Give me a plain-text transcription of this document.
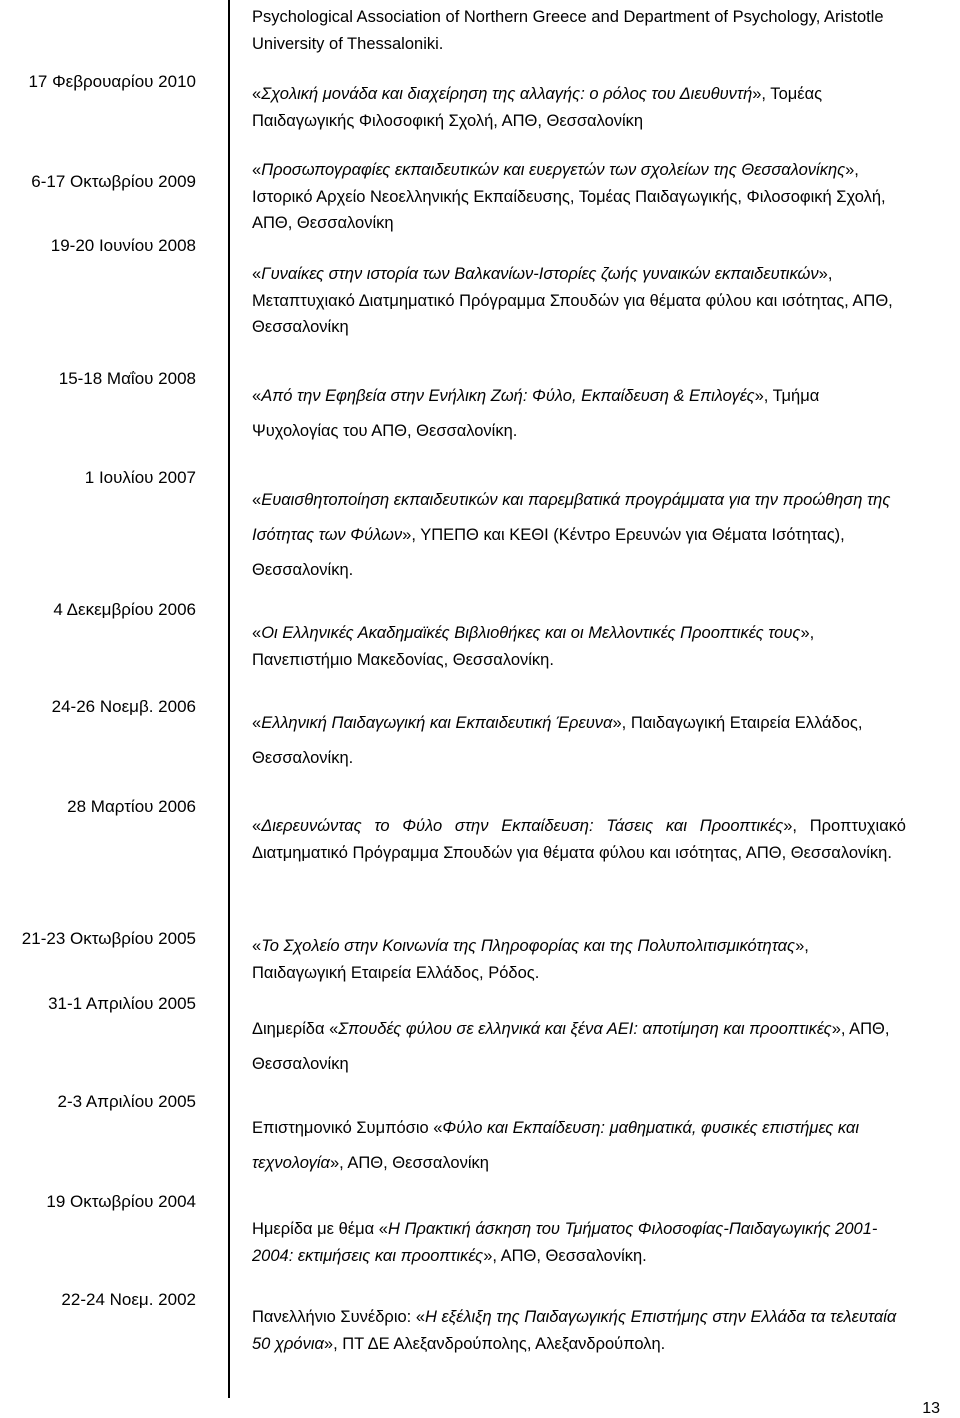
17 Φεβρουαρίου 2010
6-17 Οκτωβρίου 2009
19-20 Ιουνίου 2008
15-18 Μαΐου 2008
1 Ιουλίου 2007
4 Δεκεμβρίου 2006
24-26 Νοεμβ. 2006
28 Μαρτίου 2006
21-23 Οκτωβρίου 2005
31-1 Απριλίου 2005
2-3 Απριλίου 2005
19 Οκτωβρίου 2004
22-24 Νοεμ. 2002

Psychological Association of Northern Greece and Department of Psychology, Aristotle University of Thessaloniki.

«Σχολική μονάδα και διαχείρηση της αλλαγής: ο ρόλος του Διευθυντή», Τομέας Παιδαγωγικής Φιλοσοφική Σχολή, ΑΠΘ, Θεσσαλονίκη

«Προσωπογραφίες εκπαιδευτικών και ευεργετών των σχολείων της Θεσσαλονίκης», Ιστορικό Αρχείο Νεοελληνικής Εκπαίδευσης, Τομέας Παιδαγωγικής, Φιλοσοφική Σχολή, ΑΠΘ, Θεσσαλονίκη

«Γυναίκες στην ιστορία των Βαλκανίων-Ιστορίες ζωής γυναικών εκπαιδευτικών», Μεταπτυχιακό Διατμηματικό Πρόγραμμα Σπουδών για θέματα φύλου και ισότητας, ΑΠΘ, Θεσσαλονίκη

«Από την Εφηβεία στην Ενήλικη Ζωή: Φύλο, Εκπαίδευση & Επιλογές», Τμήμα Ψυχολογίας του ΑΠΘ, Θεσσαλονίκη.

«Ευαισθητοποίηση εκπαιδευτικών και παρεμβατικά προγράμματα για την προώθηση της Ισότητας των Φύλων», ΥΠΕΠΘ και ΚΕΘΙ (Κέντρο Ερευνών για Θέματα Ισότητας), Θεσσαλονίκη.

«Οι Ελληνικές Ακαδημαϊκές Βιβλιοθήκες και οι Μελλοντικές Προοπτικές τους», Πανεπιστήμιο Μακεδονίας, Θεσσαλονίκη.

«Ελληνική Παιδαγωγική και Εκπαιδευτική Έρευνα», Παιδαγωγική Εταιρεία Ελλάδος, Θεσσαλονίκη.

«Διερευνώντας το Φύλο στην Εκπαίδευση: Τάσεις και Προοπτικές», Προπτυχιακό Διατμηματικό Πρόγραμμα Σπουδών για θέματα φύλου και ισότητας, ΑΠΘ, Θεσσαλονίκη.

«Το Σχολείο στην Κοινωνία της Πληροφορίας και της Πολυπολιτισμικότητας», Παιδαγωγική Εταιρεία Ελλάδος, Ρόδος.

Διημερίδα «Σπουδές φύλου σε ελληνικά και ξένα ΑΕΙ: αποτίμηση και προοπτικές», ΑΠΘ, Θεσσαλονίκη

Επιστημονικό Συμπόσιο «Φύλο και Εκπαίδευση: μαθηματικά, φυσικές επιστήμες και τεχνολογία», ΑΠΘ, Θεσσαλονίκη

Ημερίδα με θέμα «Η Πρακτική άσκηση του Τμήματος Φιλοσοφίας-Παιδαγωγικής 2001-2004: εκτιμήσεις και προοπτικές», ΑΠΘ, Θεσσαλονίκη.

Πανελλήνιο Συνέδριο: «Η εξέλιξη της Παιδαγωγικής Επιστήμης στην Ελλάδα τα τελευταία 50 χρόνια», ΠΤ ΔΕ Αλεξανδρούπολης, Αλεξανδρούπολη.

13
